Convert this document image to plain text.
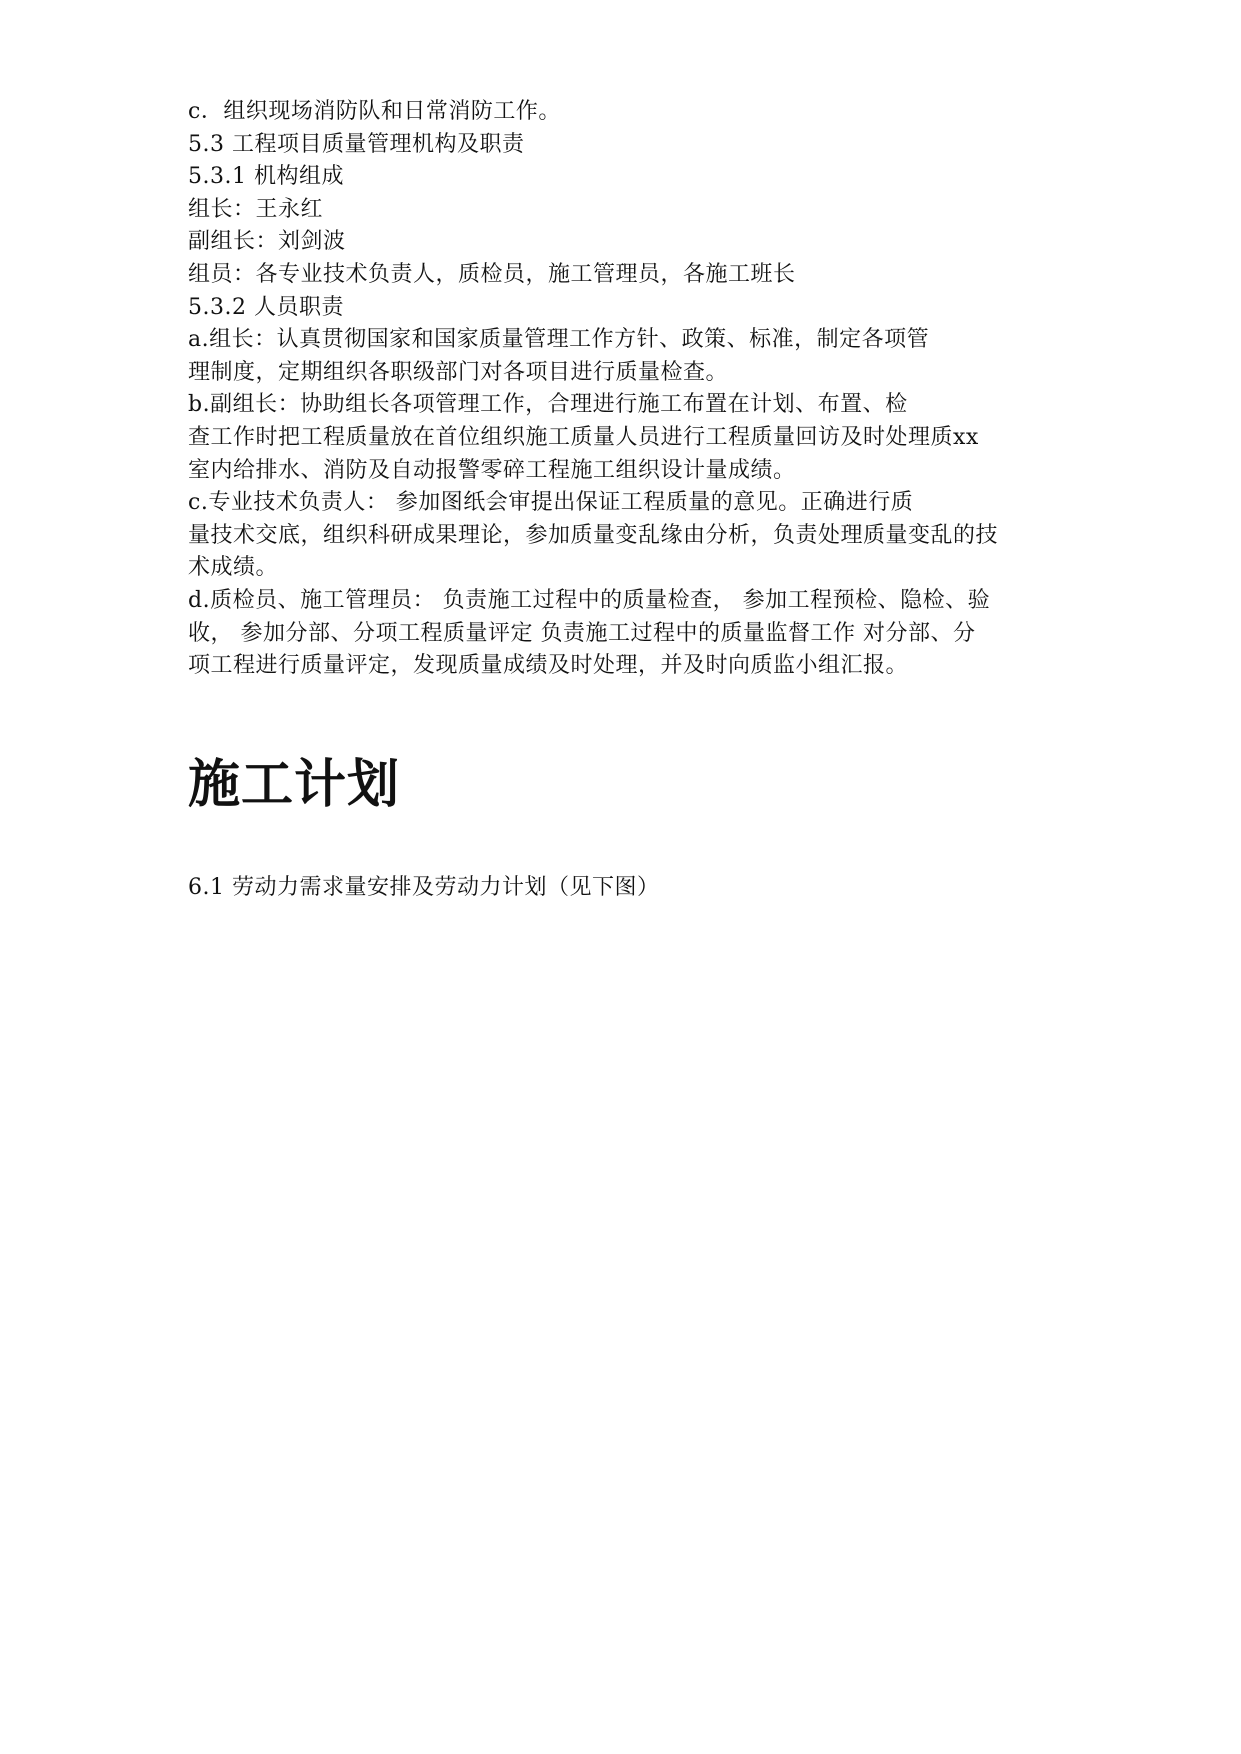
c．组织现场消防队和日常消防工作。
5.3 工程项目质量管理机构及职责
5.3.1 机构组成
组长：王永红
副组长：刘剑波
组员：各专业技术负责人，质检员，施工管理员，各施工班长
5.3.2 人员职责
a.组长：认真贯彻国家和国家质量管理工作方针、政策、标准，制定各项管
理制度，定期组织各职级部门对各项目进行质量检查。
b.副组长：协助组长各项管理工作，合理进行施工布置在计划、布置、检
查工作时把工程质量放在首位组织施工质量人员进行工程质量回访及时处理质xx
室内给排水、消防及自动报警零碎工程施工组织设计量成绩。
c.专业技术负责人： 参加图纸会审提出保证工程质量的意见。正确进行质
量技术交底，组织科研成果理论，参加质量变乱缘由分析，负责处理质量变乱的技
术成绩。
d.质检员、施工管理员： 负责施工过程中的质量检查， 参加工程预检、隐检、验
收， 参加分部、分项工程质量评定 负责施工过程中的质量监督工作 对分部、分
项工程进行质量评定，发现质量成绩及时处理，并及时向质监小组汇报。
施工计划
6.1 劳动力需求量安排及劳动力计划（见下图）
